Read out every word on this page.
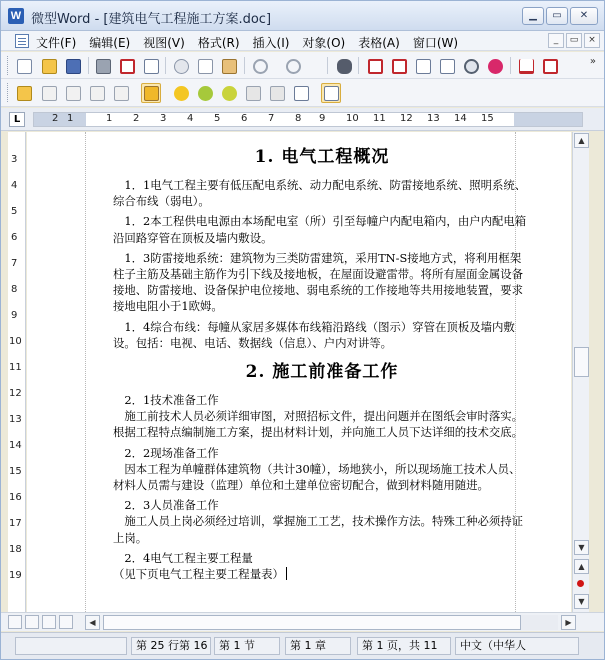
W 微型Word - [建筑电气工程施工方案.doc]	▁	▭	✕
文件(F) 编辑(E) 视图(V) 格式(R) 插入(I) 对象(O) 表格(A) 窗口(W)	_	▭	×
»
L	2 1	1 2 3 4 5 6 7 8 9 10 11 12 13 14 15
3
4
5
6
7
8
9
10
11
12
13
14
15
16
17
18
19
1. 电气工程概况
　1．1电气工程主要有低压配电系统、动力配电系统、防雷接地系统、照明系统、综合布线（弱电）。
　1．2本工程供电电源由本场配电室（所）引至每幢户内配电箱内，由户内配电箱沿回路穿管在顶板及墙内敷设。
　1．3防雷接地系统：建筑物为三类防雷建筑，采用TN-S接地方式，将利用框架柱子主筋及基础主筋作为引下线及接地板，在屋面设避雷带。将所有屋面金属设备接地、防雷接地、设备保护电位接地、弱电系统的工作接地等共用接地装置，要求接地电阻小于1欧姆。
　1．4综合布线：每幢从家居多媒体布线箱沿路线（图示）穿管在顶板及墙内敷设。包括：电视、电话、数据线（信息）、户内对讲等。
2. 施工前准备工作
　2．1技术准备工作
　施工前技术人员必须详细审图，对照招标文件，提出问题并在图纸会审时落实。根据工程特点编制施工方案，提出材料计划，并向施工人员下达详细的技术交底。
　2．2现场准备工作
　因本工程为单幢群体建筑物（共计30幢），场地狭小，所以现场施工技术人员、材料人员需与建设（监理）单位和土建单位密切配合，做到材料随用随进。
　2．3人员准备工作
　施工人员上岗必须经过培训，掌握施工工艺，技术操作方法。特殊工种必须持证上岗。
　2．4电气工程主要工程量
（见下页电气工程主要工程量表）
▲
▼
▲
▼
◀	▶
第 25 行第 16	第 1 节	第 1 章	第 1 页，共 11	中文（中华人
